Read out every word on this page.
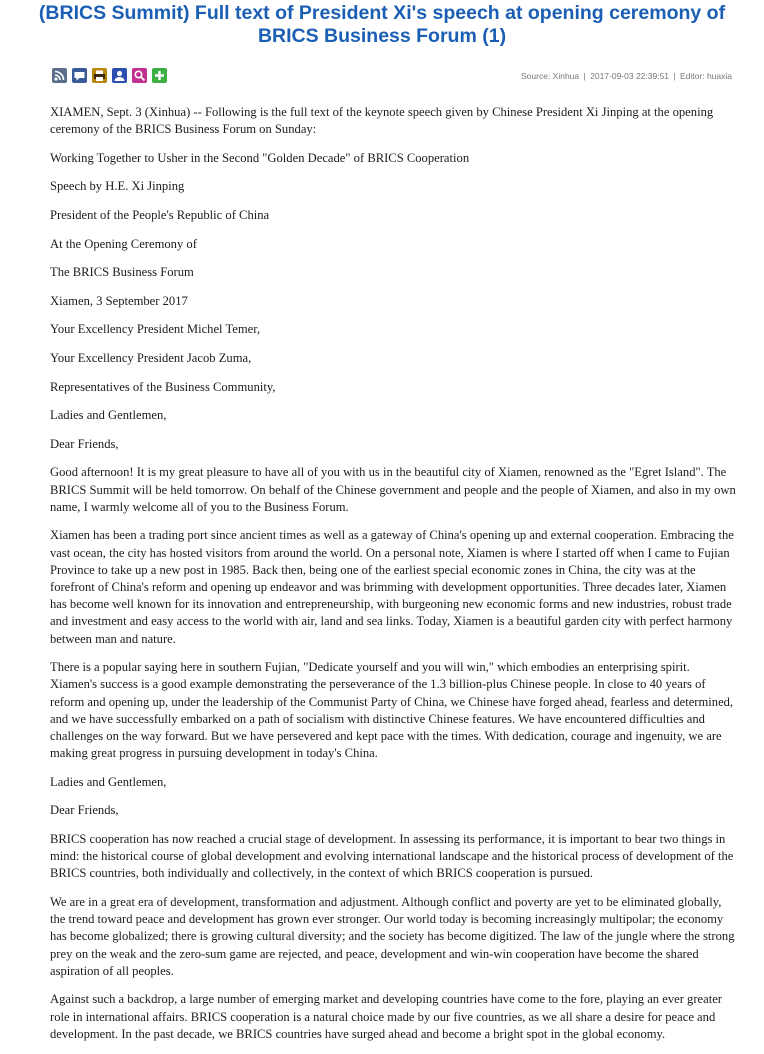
(BRICS Summit) Full text of President Xi's speech at opening ceremony of BRICS Business Forum (1)
Source: Xinhua | 2017-09-03 22:39:51 | Editor: huaxia

XIAMEN, Sept. 3 (Xinhua) -- Following is the full text of the keynote speech given by Chinese President Xi Jinping at the opening ceremony of the BRICS Business Forum on Sunday:

Working Together to Usher in the Second "Golden Decade" of BRICS Cooperation

Speech by H.E. Xi Jinping

President of the People's Republic of China

At the Opening Ceremony of

The BRICS Business Forum

Xiamen, 3 September 2017

Your Excellency President Michel Temer,

Your Excellency President Jacob Zuma,

Representatives of the Business Community,

Ladies and Gentlemen,

Dear Friends,

Good afternoon! It is my great pleasure to have all of you with us in the beautiful city of Xiamen, renowned as the "Egret Island". The BRICS Summit will be held tomorrow. On behalf of the Chinese government and people and the people of Xiamen, and also in my own name, I warmly welcome all of you to the Business Forum.

Xiamen has been a trading port since ancient times as well as a gateway of China's opening up and external cooperation. Embracing the vast ocean, the city has hosted visitors from around the world. On a personal note, Xiamen is where I started off when I came to Fujian Province to take up a new post in 1985. Back then, being one of the earliest special economic zones in China, the city was at the forefront of China's reform and opening up endeavor and was brimming with development opportunities. Three decades later, Xiamen has become well known for its innovation and entrepreneurship, with burgeoning new economic forms and new industries, robust trade and investment and easy access to the world with air, land and sea links. Today, Xiamen is a beautiful garden city with perfect harmony between man and nature.

There is a popular saying here in southern Fujian, "Dedicate yourself and you will win," which embodies an enterprising spirit. Xiamen's success is a good example demonstrating the perseverance of the 1.3 billion-plus Chinese people. In close to 40 years of reform and opening up, under the leadership of the Communist Party of China, we Chinese have forged ahead, fearless and determined, and we have successfully embarked on a path of socialism with distinctive Chinese features. We have encountered difficulties and challenges on the way forward. But we have persevered and kept pace with the times. With dedication, courage and ingenuity, we are making great progress in pursuing development in today's China.

Ladies and Gentlemen,

Dear Friends,

BRICS cooperation has now reached a crucial stage of development. In assessing its performance, it is important to bear two things in mind: the historical course of global development and evolving international landscape and the historical process of development of the BRICS countries, both individually and collectively, in the context of which BRICS cooperation is pursued.

We are in a great era of development, transformation and adjustment. Although conflict and poverty are yet to be eliminated globally, the trend toward peace and development has grown ever stronger. Our world today is becoming increasingly multipolar; the economy has become globalized; there is growing cultural diversity; and the society has become digitized. The law of the jungle where the strong prey on the weak and the zero-sum game are rejected, and peace, development and win-win cooperation have become the shared aspiration of all peoples.

Against such a backdrop, a large number of emerging market and developing countries have come to the fore, playing an ever greater role in international affairs. BRICS cooperation is a natural choice made by our five countries, as we all share a desire for peace and development. In the past decade, we BRICS countries have surged ahead and become a bright spot in the global economy.
